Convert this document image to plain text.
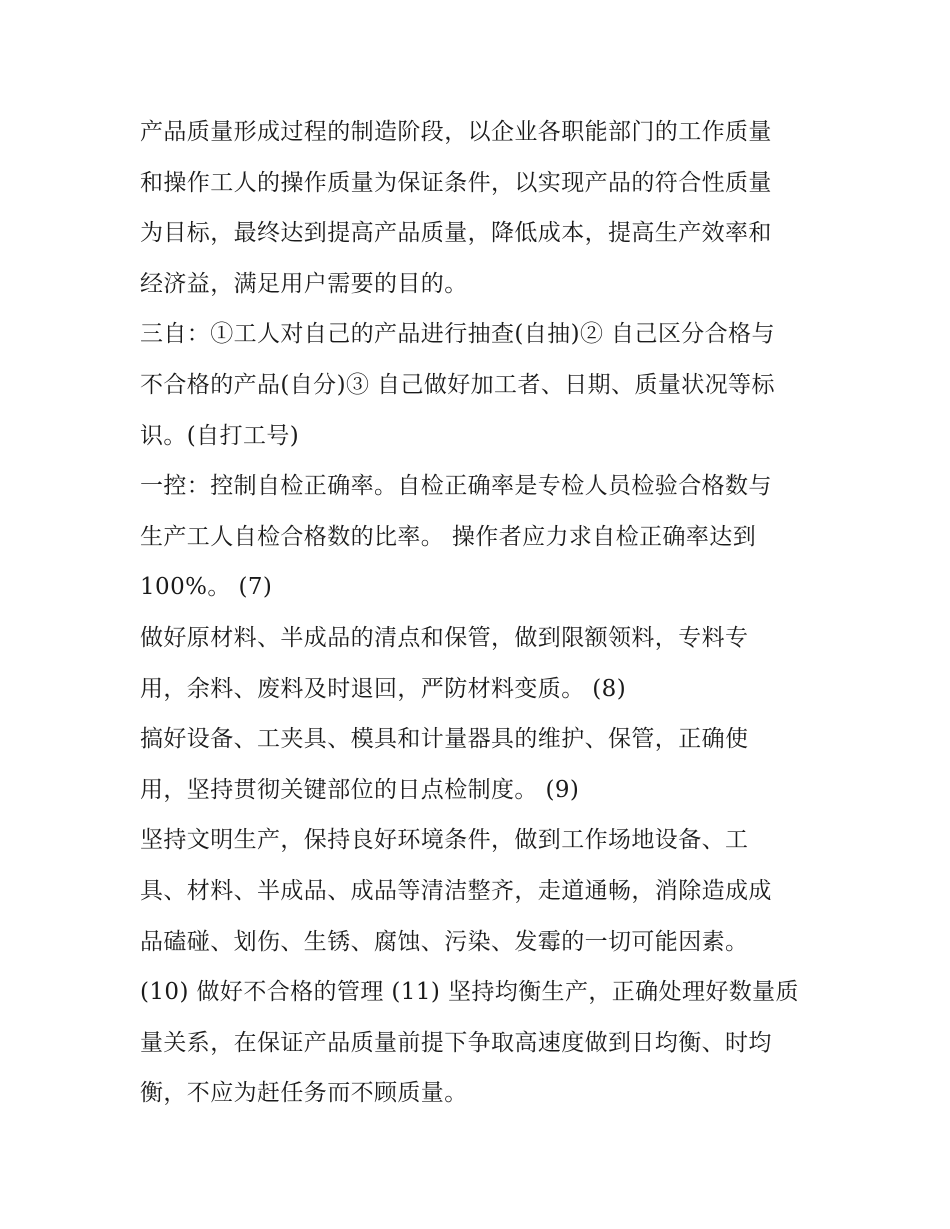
产品质量形成过程的制造阶段，以企业各职能部门的工作质量
和操作工人的操作质量为保证条件，以实现产品的符合性质量
为目标，最终达到提高产品质量，降低成本，提高生产效率和
经济益，满足用户需要的目的。
三自：①工人对自己的产品进行抽查(自抽)② 自己区分合格与
不合格的产品(自分)③ 自己做好加工者、日期、质量状况等标
识。(自打工号)
一控：控制自检正确率。自检正确率是专检人员检验合格数与
生产工人自检合格数的比率。 操作者应力求自检正确率达到
100%。 (7)
做好原材料、半成品的清点和保管，做到限额领料，专料专
用，余料、废料及时退回，严防材料变质。 (8)
搞好设备、工夹具、模具和计量器具的维护、保管，正确使
用，坚持贯彻关键部位的日点检制度。 (9)
坚持文明生产，保持良好环境条件，做到工作场地设备、工
具、材料、半成品、成品等清洁整齐，走道通畅，消除造成成
品磕碰、划伤、生锈、腐蚀、污染、发霉的一切可能因素。
(10) 做好不合格的管理 (11) 坚持均衡生产，正确处理好数量质
量关系，在保证产品质量前提下争取高速度做到日均衡、时均
衡，不应为赶任务而不顾质量。
